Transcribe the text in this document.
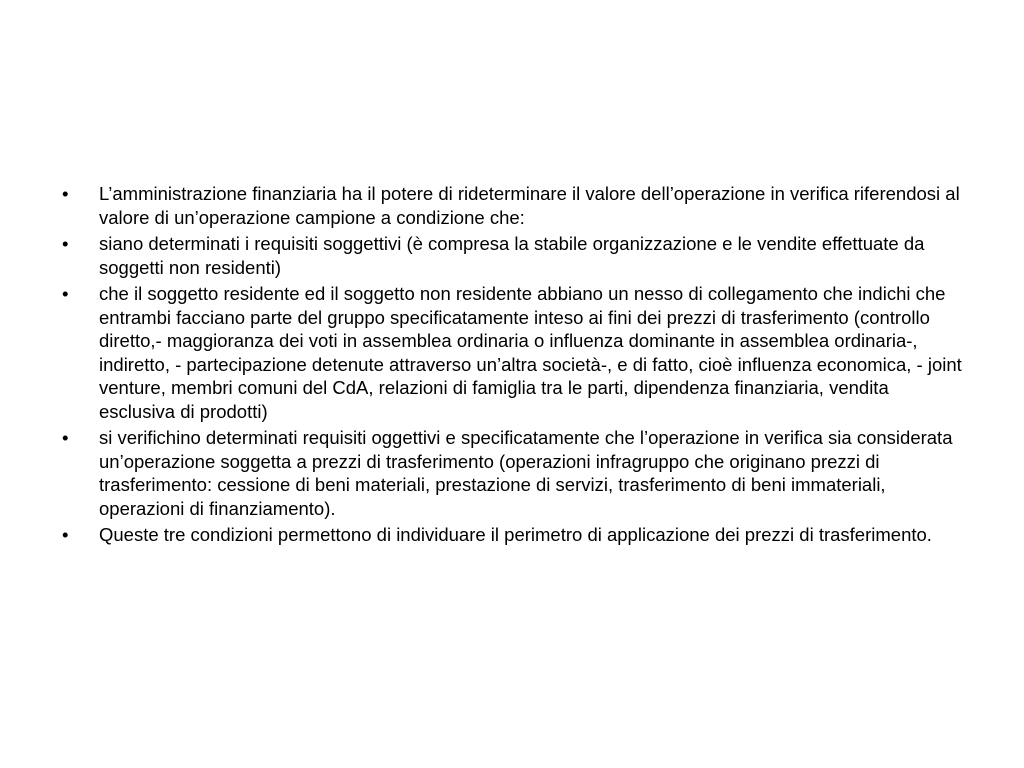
•	L’amministrazione finanziaria ha il potere di rideterminare il valore dell’operazione in verifica riferendosi al valore di un’operazione campione a condizione che:
•	siano determinati i requisiti soggettivi (è compresa la stabile organizzazione e le vendite effettuate da soggetti non residenti)
•	che il soggetto residente ed il soggetto non residente abbiano un nesso di collegamento che indichi che entrambi facciano parte del gruppo specificatamente inteso ai fini dei prezzi di trasferimento (controllo diretto,- maggioranza dei voti in assemblea ordinaria o influenza dominante in assemblea ordinaria-, indiretto, - partecipazione detenute attraverso un’altra società-, e di fatto, cioè influenza economica, - joint venture, membri comuni del CdA, relazioni di famiglia tra le parti, dipendenza finanziaria, vendita esclusiva di prodotti)
•	si verifichino determinati requisiti oggettivi e specificatamente che l’operazione in verifica sia considerata un’operazione soggetta a prezzi di trasferimento (operazioni infragruppo che originano prezzi di trasferimento: cessione di beni materiali, prestazione di servizi, trasferimento di beni immateriali, operazioni di finanziamento).
•	Queste tre condizioni permettono di individuare il perimetro di applicazione dei prezzi di trasferimento.
